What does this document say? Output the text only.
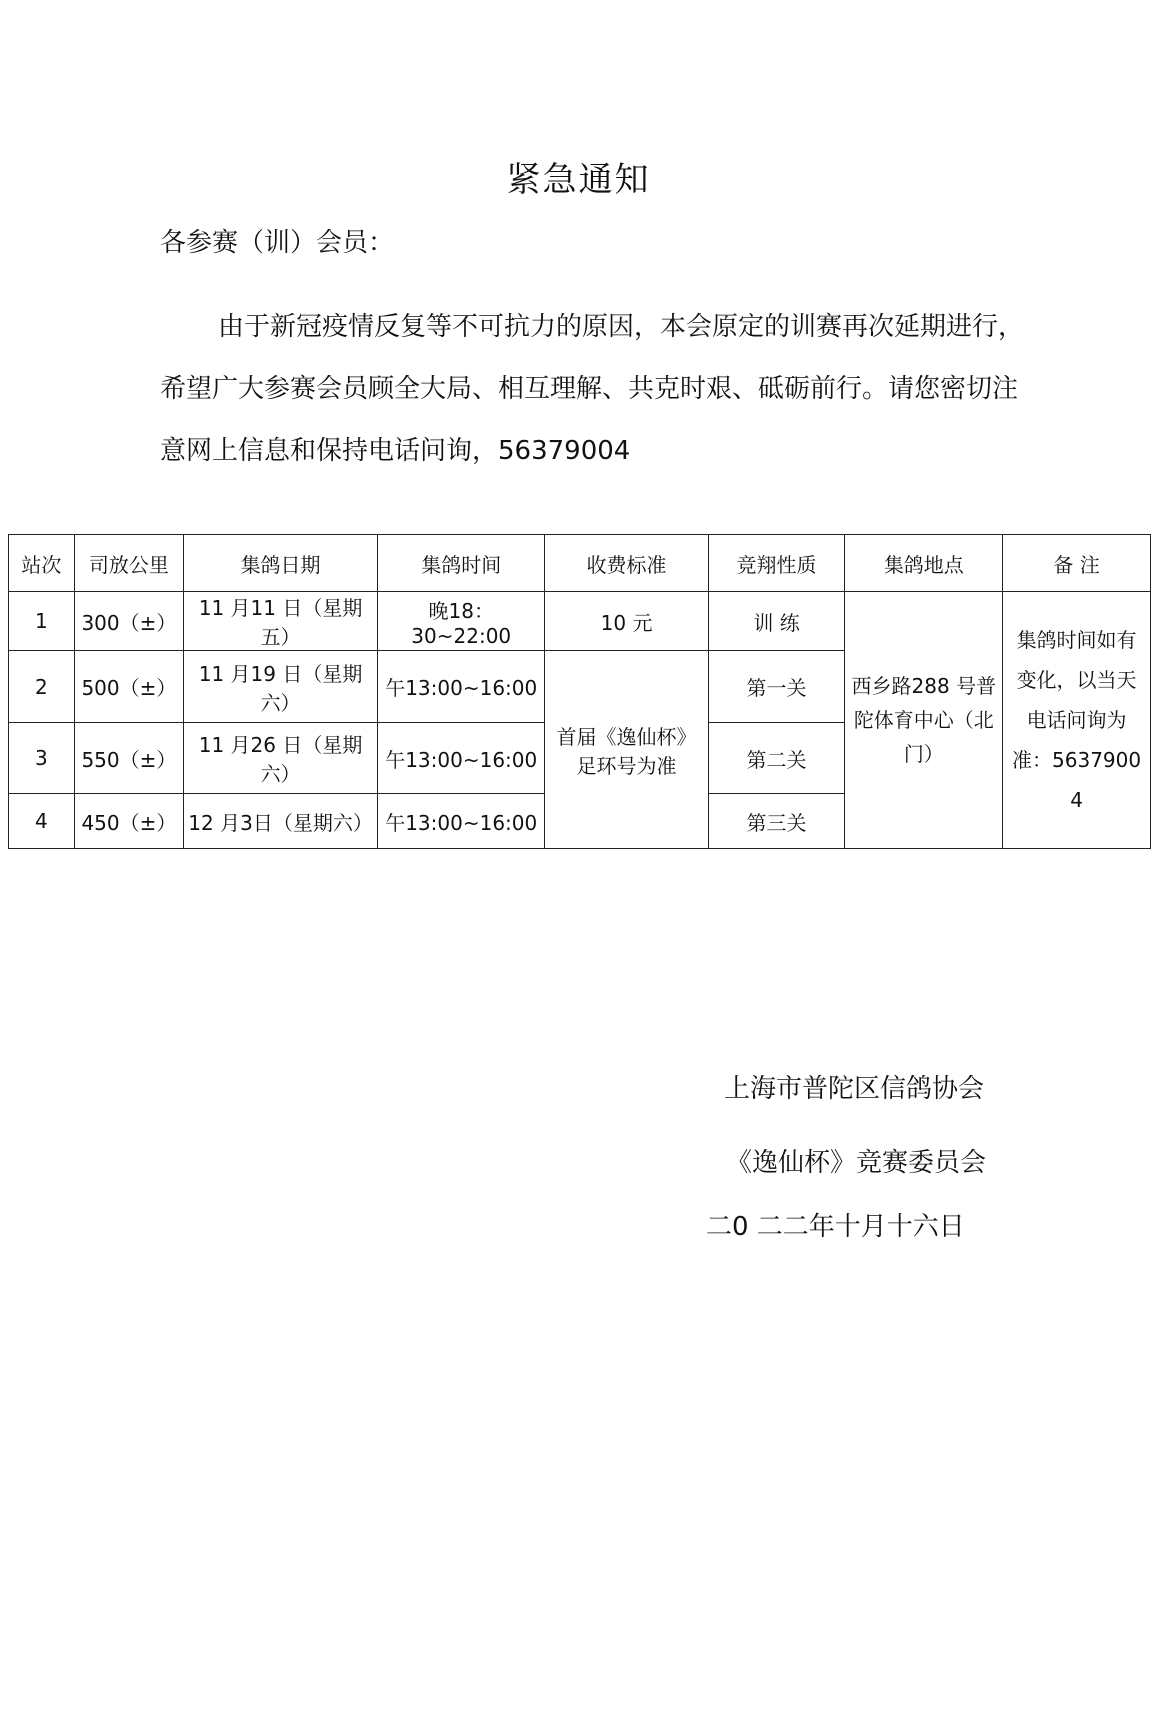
紧急通知
各参赛（训）会员：

由于新冠疫情反复等不可抗力的原因，本会原定的训赛再次延期进行，希望广大参赛会员顾全大局、相互理解、共克时艰、砥砺前行。请您密切注意网上信息和保持电话问询，56379004

站次	司放公里	集鸽日期	集鸽时间	收费标准	竞翔性质	集鸽地点	备 注
1	300（±）	11 月11 日（星期五）	晚18：30~22:00	10 元	训 练	西乡路288 号普陀体育中心（北门）	集鸽时间如有变化，以当天电话问询为准：56379004
2	500（±）	11 月19 日（星期六）	午13:00~16:00	首届《逸仙杯》足环号为准	第一关		
3	550（±）	11 月26 日（星期六）	午13:00~16:00		第二关		
4	450（±）	12 月3日（星期六）	午13:00~16:00		第三关		
上海市普陀区信鸽协会
《逸仙杯》竞赛委员会
二0 二二年十月十六日
